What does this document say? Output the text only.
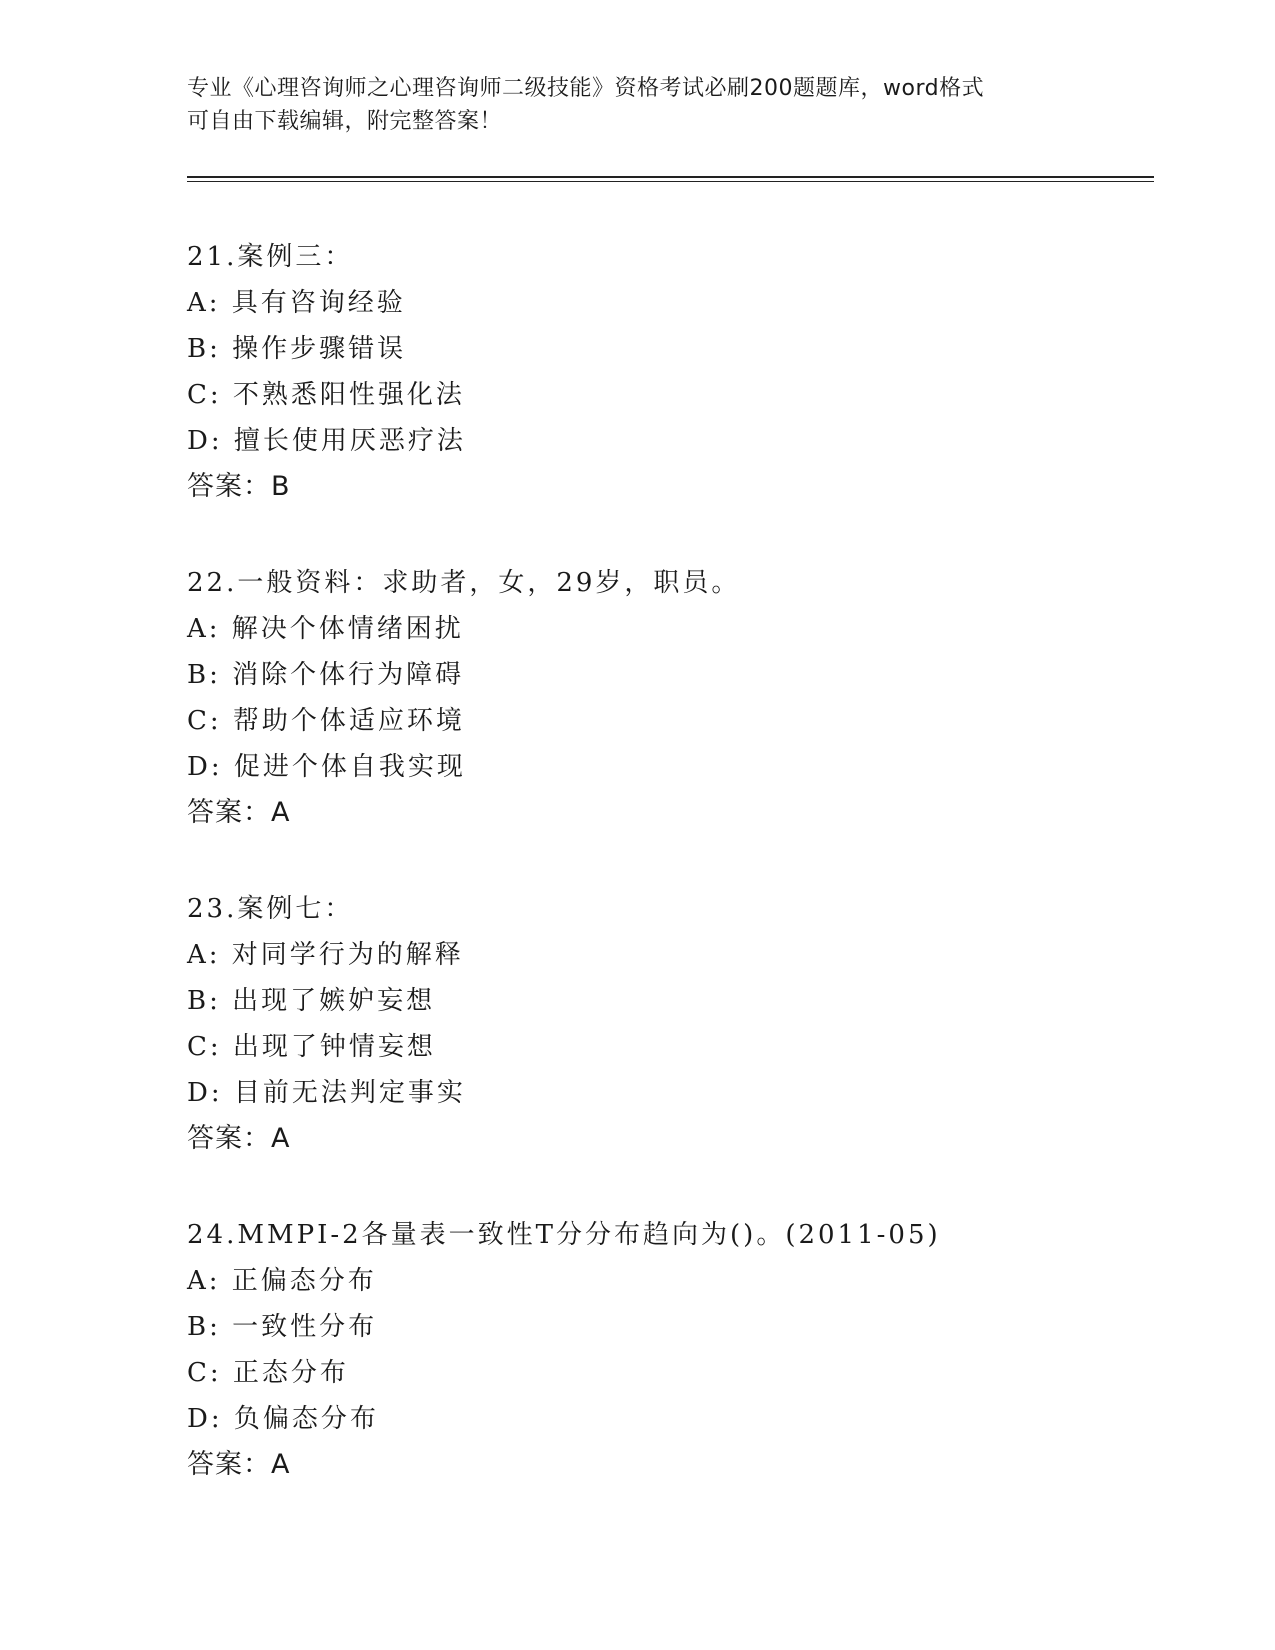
专业《心理咨询师之心理咨询师二级技能》资格考试必刷200题题库，word格式
可自由下载编辑，附完整答案！
21.案例三：
A: 具有咨询经验
B: 操作步骤错误
C: 不熟悉阳性强化法
D: 擅长使用厌恶疗法
答案：B
22.一般资料：求助者，女，29岁，职员。
A: 解决个体情绪困扰
B: 消除个体行为障碍
C: 帮助个体适应环境
D: 促进个体自我实现
答案：A
23.案例七：
A: 对同学行为的解释
B: 出现了嫉妒妄想
C: 出现了钟情妄想
D: 目前无法判定事实
答案：A
24.MMPI-2各量表一致性T分分布趋向为()。(2011-05)
A: 正偏态分布
B: 一致性分布
C: 正态分布
D: 负偏态分布
答案：A
